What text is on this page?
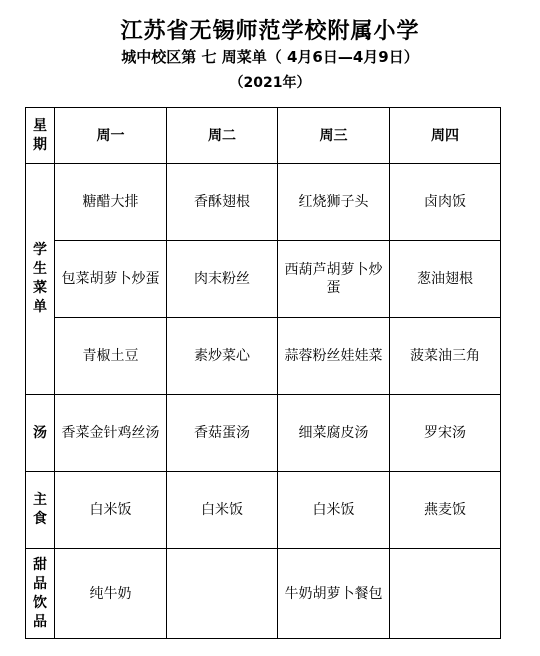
江苏省无锡师范学校附属小学
城中校区第 七 周菜单（ 4月6日—4月9日）
（2021年）
星
期	周一	周二	周三	周四

学
生
菜
单	糖醋大排	香酥翅根	红烧狮子头	卤肉饭
	包菜胡萝卜炒蛋	肉末粉丝	西葫芦胡萝卜炒蛋	葱油翅根
	青椒土豆	素炒菜心	蒜蓉粉丝娃娃菜	菠菜油三角

汤	香菜金针鸡丝汤	香菇蛋汤	细菜腐皮汤	罗宋汤

主
食	白米饭	白米饭	白米饭	燕麦饭

甜
品
饮
品	纯牛奶		牛奶胡萝卜餐包	
